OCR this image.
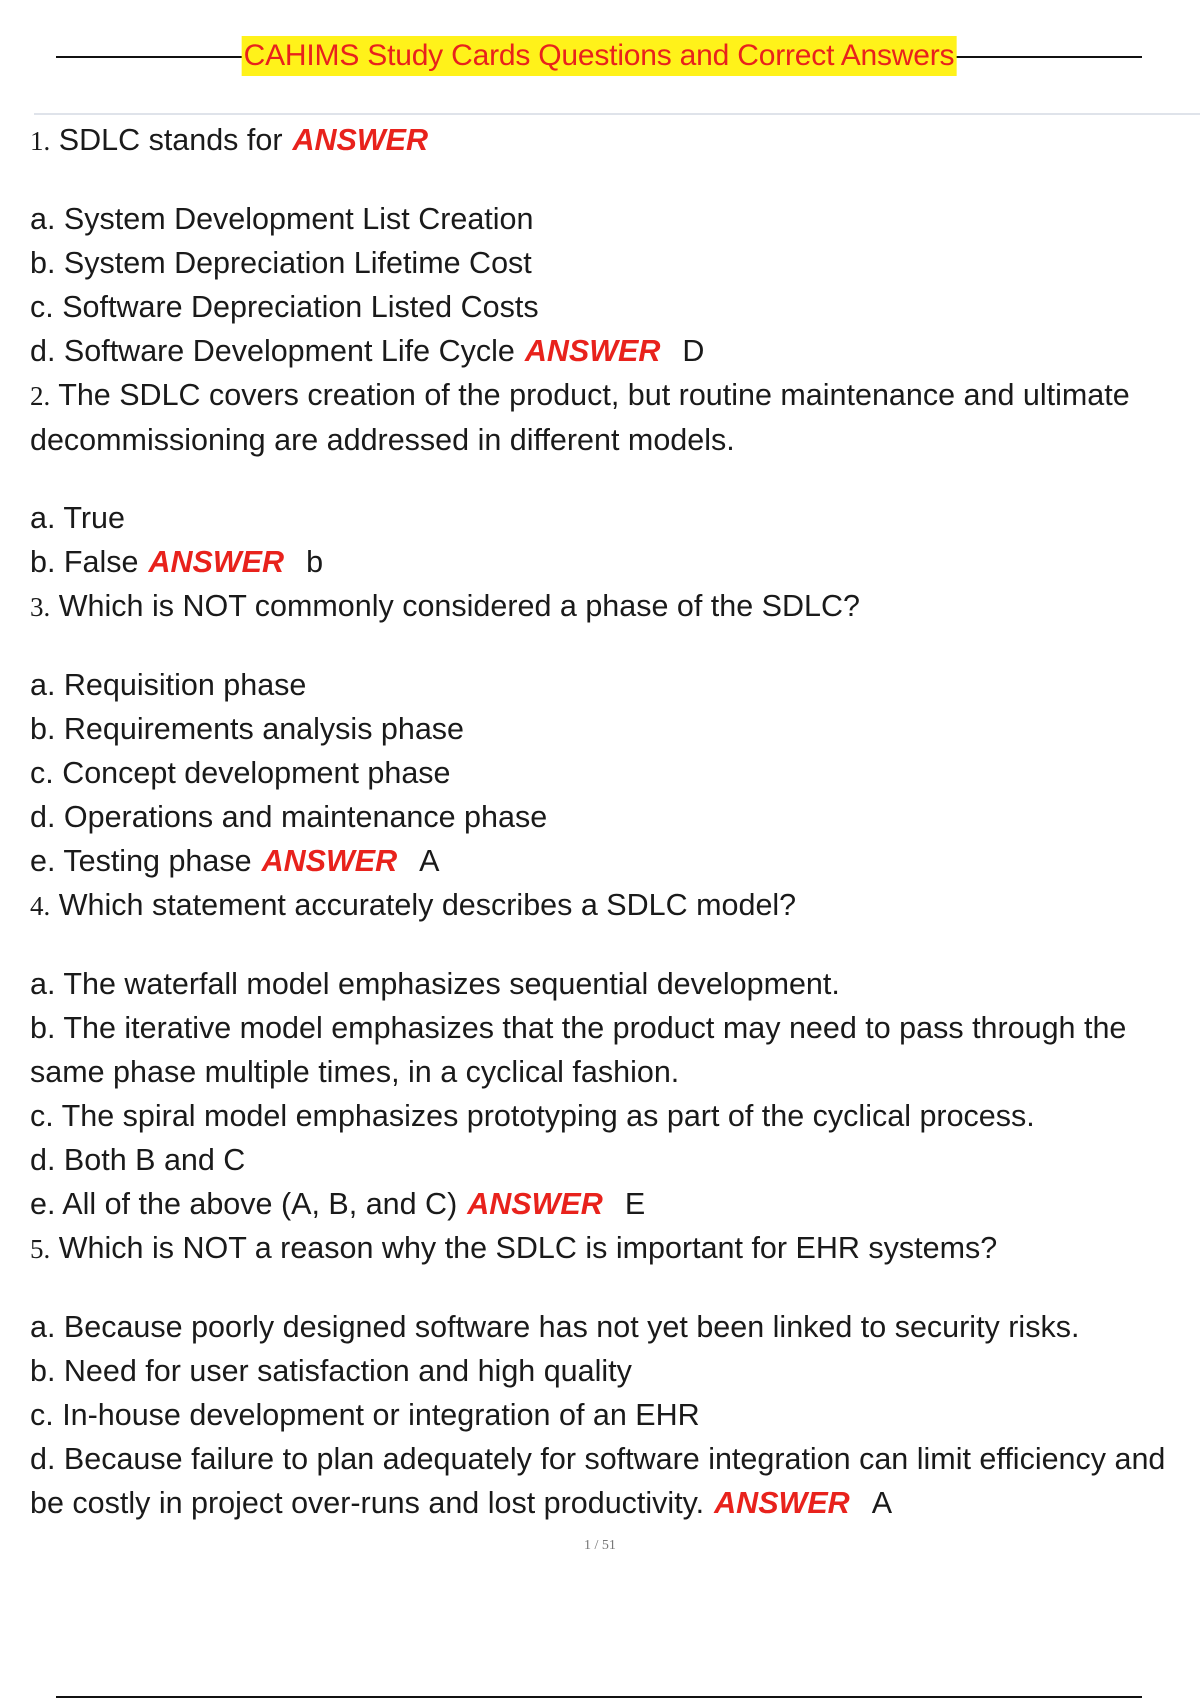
CAHIMS Study Cards Questions and Correct Answers
1. SDLC stands for ANSWER
a. System Development List Creation
b. System Depreciation Lifetime Cost
c. Software Depreciation Listed Costs
d. Software Development Life Cycle ANSWER D
2. The SDLC covers creation of the product, but routine maintenance and ultimate decommissioning are addressed in different models.
a. True
b. False ANSWER b
3. Which is NOT commonly considered a phase of the SDLC?
a. Requisition phase
b. Requirements analysis phase
c. Concept development phase
d. Operations and maintenance phase
e. Testing phase ANSWER A
4. Which statement accurately describes a SDLC model?
a. The waterfall model emphasizes sequential development.
b. The iterative model emphasizes that the product may need to pass through the same phase multiple times, in a cyclical fashion.
c. The spiral model emphasizes prototyping as part of the cyclical process.
d. Both B and C
e. All of the above (A, B, and C) ANSWER E
5. Which is NOT a reason why the SDLC is important for EHR systems?
a. Because poorly designed software has not yet been linked to security risks.
b. Need for user satisfaction and high quality
c. In-house development or integration of an EHR
d. Because failure to plan adequately for software integration can limit efficiency and be costly in project over-runs and lost productivity. ANSWER A
1 / 51
